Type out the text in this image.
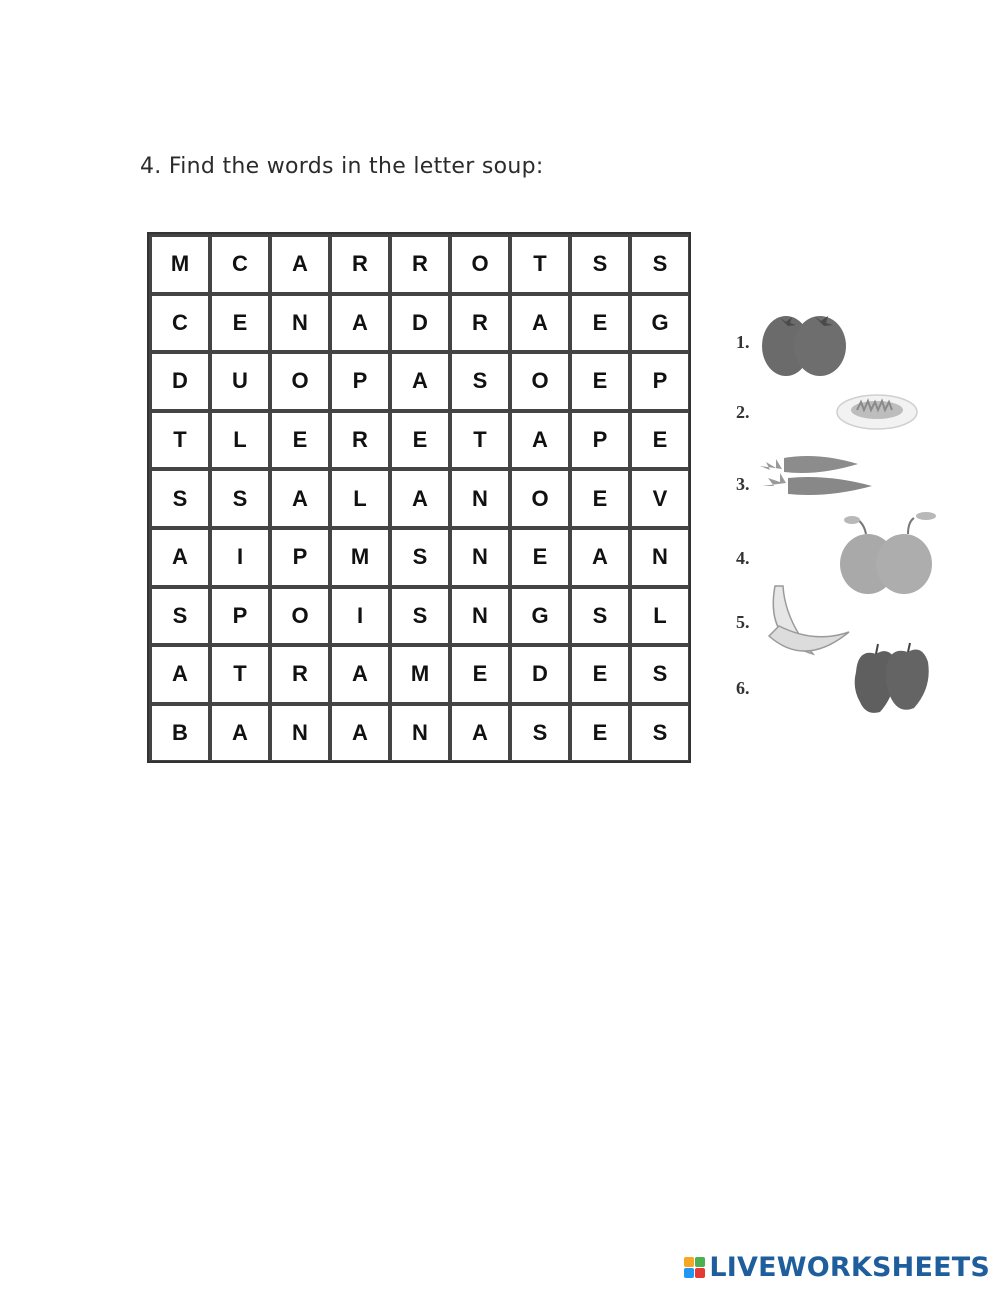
4. Find the words in the letter soup:
M	C	A	R	R	O	T	S	S
C	E	N	A	D	R	A	E	G
D	U	O	P	A	S	O	E	P
T	L	E	R	E	T	A	P	E
S	S	A	L	A	N	O	E	V
A	I	P	M	S	N	E	A	N
S	P	O	I	S	N	G	S	L
A	T	R	A	M	E	D	E	S
B	A	N	A	N	A	S	E	S
1.
2.
3.
4.
5.
6.
LIVEWORKSHEETS
